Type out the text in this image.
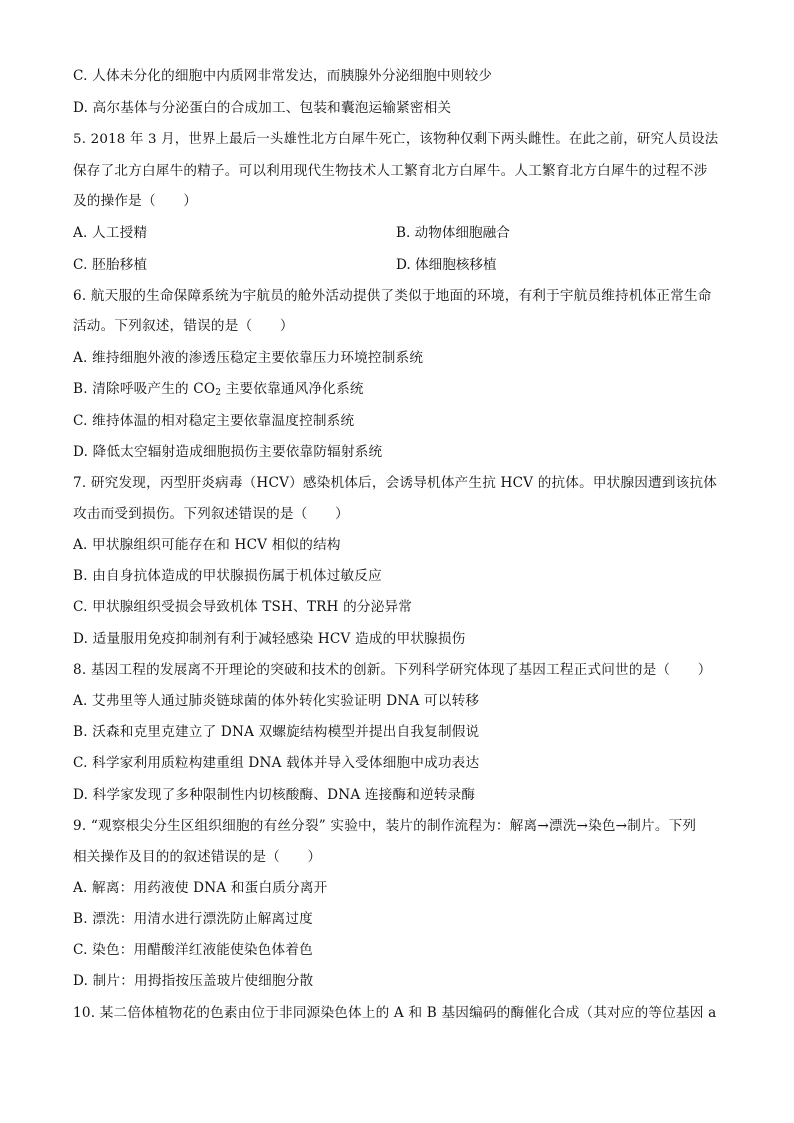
C. 人体未分化的细胞中内质网非常发达，而胰腺外分泌细胞中则较少
D. 高尔基体与分泌蛋白的合成加工、包装和囊泡运输紧密相关
5. 2018 年 3 月，世界上最后一头雄性北方白犀牛死亡，该物种仅剩下两头雌性。在此之前，研究人员设法
保存了北方白犀牛的精子。可以利用现代生物技术人工繁育北方白犀牛。人工繁育北方白犀牛的过程不涉
及的操作是（　　）
A. 人工授精	B. 动物体细胞融合
C. 胚胎移植	D. 体细胞核移植
6. 航天服的生命保障系统为宇航员的舱外活动提供了类似于地面的环境，有利于宇航员维持机体正常生命
活动。下列叙述，错误的是（　　）
A. 维持细胞外液的渗透压稳定主要依靠压力环境控制系统
B. 清除呼吸产生的 $CO_2$ 主要依靠通风净化系统
C. 维持体温的相对稳定主要依靠温度控制系统
D. 降低太空辐射造成细胞损伤主要依靠防辐射系统
7. 研究发现，丙型肝炎病毒（HCV）感染机体后，会诱导机体产生抗 HCV 的抗体。甲状腺因遭到该抗体
攻击而受到损伤。下列叙述错误的是（　　）
A. 甲状腺组织可能存在和 HCV 相似的结构
B. 由自身抗体造成的甲状腺损伤属于机体过敏反应
C. 甲状腺组织受损会导致机体 TSH、TRH 的分泌异常
D. 适量服用免疫抑制剂有利于减轻感染 HCV 造成的甲状腺损伤
8. 基因工程的发展离不开理论的突破和技术的创新。下列科学研究体现了基因工程正式问世的是（　　）
A. 艾弗里等人通过肺炎链球菌的体外转化实验证明 DNA 可以转移
B. 沃森和克里克建立了 DNA 双螺旋结构模型并提出自我复制假说
C. 科学家利用质粒构建重组 DNA 载体并导入受体细胞中成功表达
D. 科学家发现了多种限制性内切核酸酶、DNA 连接酶和逆转录酶
9. “观察根尖分生区组织细胞的有丝分裂” 实验中，装片的制作流程为：解离→漂洗→染色→制片。下列
相关操作及目的的叙述错误的是（　　）
A. 解离：用药液使 DNA 和蛋白质分离开
B. 漂洗：用清水进行漂洗防止解离过度
C. 染色：用醋酸洋红液能使染色体着色
D. 制片：用拇指按压盖玻片使细胞分散
10. 某二倍体植物花的色素由位于非同源染色体上的 A 和 B 基因编码的酶催化合成（其对应的等位基因 a
